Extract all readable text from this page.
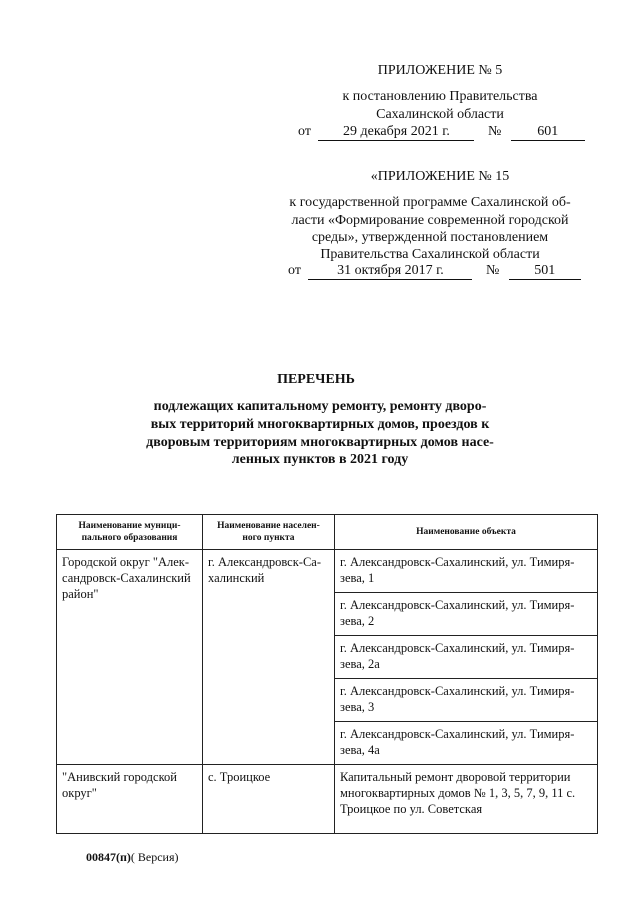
ПРИЛОЖЕНИЕ № 5
к постановлению Правительства
Сахалинской области
от 29 декабря 2021 г.	№	601
«ПРИЛОЖЕНИЕ № 15
к государственной программе Сахалинской об-
ласти «Формирование современной городской
среды», утвержденной постановлением
Правительства Сахалинской области
от	31 октября 2017 г.	№	501
ПЕРЕЧЕНЬ
подлежащих капитальному ремонту, ремонту дворо-
вых территорий многоквартирных домов, проездов к
дворовым территориям многоквартирных домов насе-
ленных пунктов в 2021 году
Наименование муници-
пального образования	Наименование населен-
ного пункта	Наименование объекта
Городской округ "Алек-сандровск-Сахалинский район"	г. Александровск-Са-халинский	г. Александровск-Сахалинский, ул. Тимиря-зева, 1
		г. Александровск-Сахалинский, ул. Тимиря-зева, 2
		г. Александровск-Сахалинский, ул. Тимиря-зева, 2а
		г. Александровск-Сахалинский, ул. Тимиря-зева, 3
		г. Александровск-Сахалинский, ул. Тимиря-зева, 4а
"Анивский городской округ"	с. Троицкое	Капитальный ремонт дворовой территории многоквартирных домов № 1, 3, 5, 7, 9, 11 с. Троицкое по ул. Советская
00847(п)( Версия)
